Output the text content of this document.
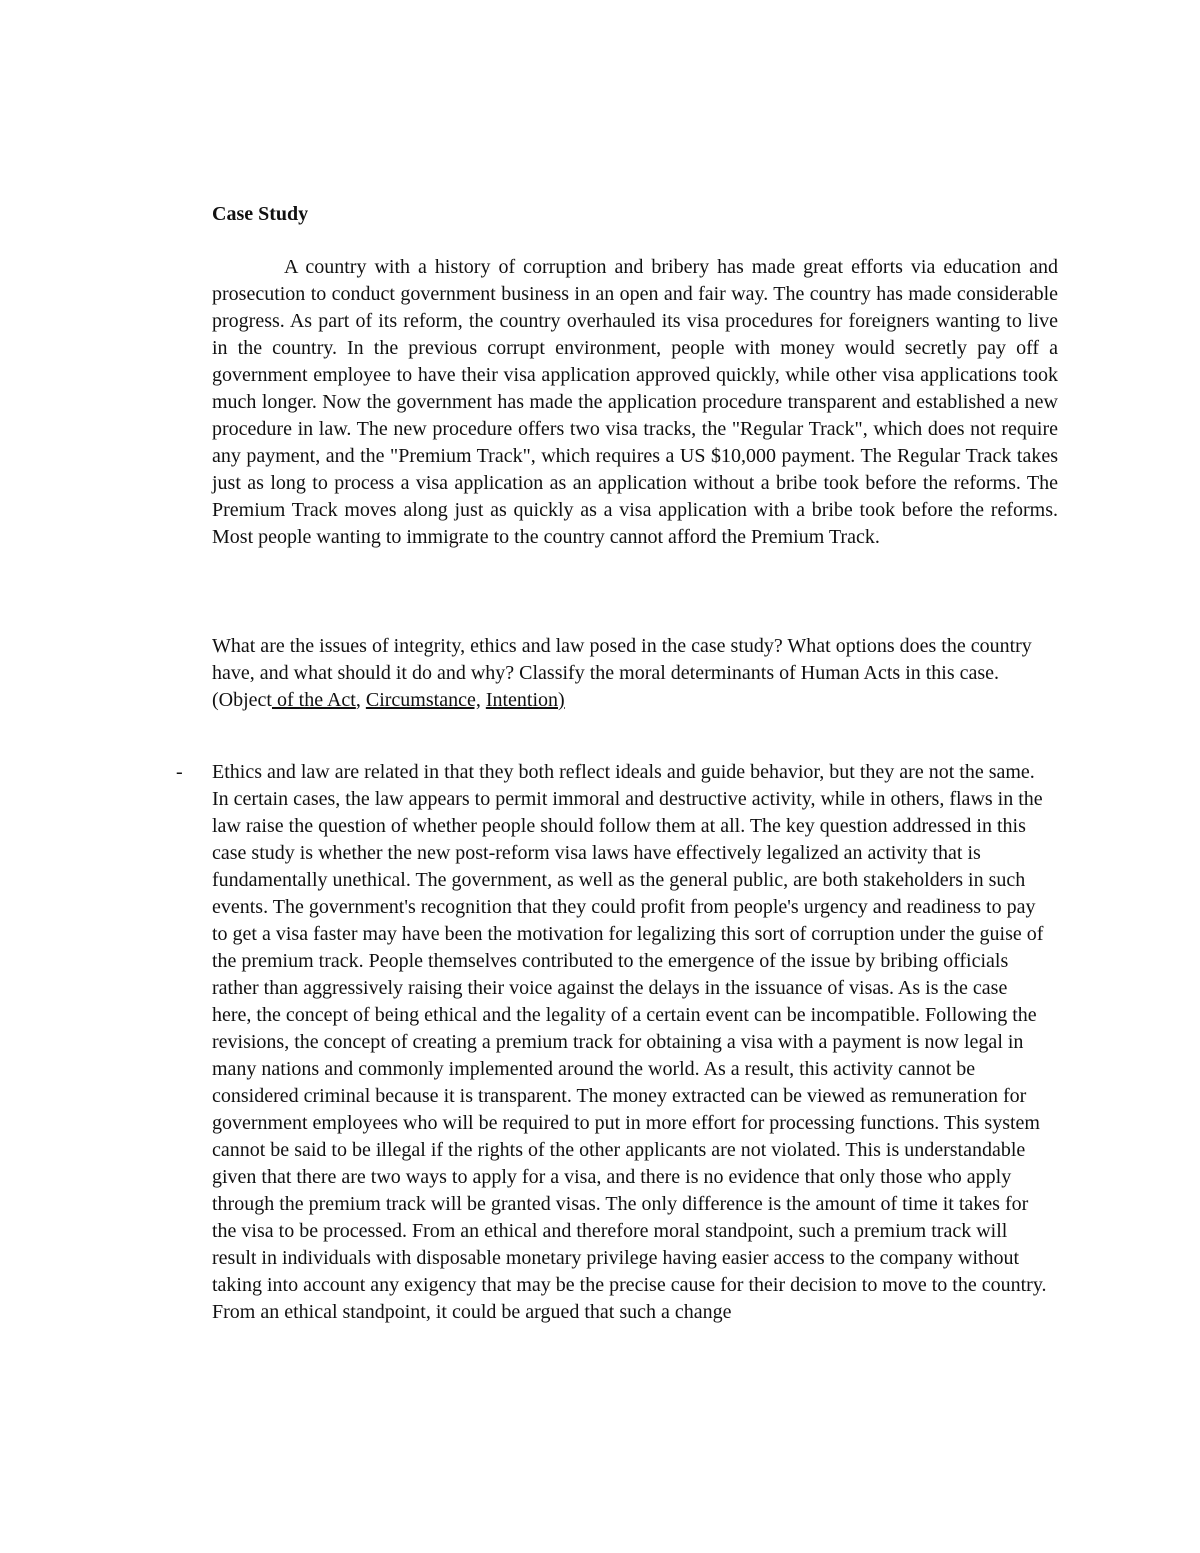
Case Study

A country with a history of corruption and bribery has made great efforts via education and prosecution to conduct government business in an open and fair way. The country has made considerable progress. As part of its reform, the country overhauled its visa procedures for foreigners wanting to live in the country. In the previous corrupt environment, people with money would secretly pay off a government employee to have their visa application approved quickly, while other visa applications took much longer. Now the government has made the application procedure transparent and established a new procedure in law. The new procedure offers two visa tracks, the "Regular Track", which does not require any payment, and the "Premium Track", which requires a US $10,000 payment. The Regular Track takes just as long to process a visa application as an application without a bribe took before the reforms. The Premium Track moves along just as quickly as a visa application with a bribe took before the reforms. Most people wanting to immigrate to the country cannot afford the Premium Track.

What are the issues of integrity, ethics and law posed in the case study? What options does the country have, and what should it do and why? Classify the moral determinants of Human Acts in this case. (Object of the Act, Circumstance, Intention)

- Ethics and law are related in that they both reflect ideals and guide behavior, but they are not the same. In certain cases, the law appears to permit immoral and destructive activity, while in others, flaws in the law raise the question of whether people should follow them at all. The key question addressed in this case study is whether the new post-reform visa laws have effectively legalized an activity that is fundamentally unethical. The government, as well as the general public, are both stakeholders in such events. The government's recognition that they could profit from people's urgency and readiness to pay to get a visa faster may have been the motivation for legalizing this sort of corruption under the guise of the premium track. People themselves contributed to the emergence of the issue by bribing officials rather than aggressively raising their voice against the delays in the issuance of visas. As is the case here, the concept of being ethical and the legality of a certain event can be incompatible. Following the revisions, the concept of creating a premium track for obtaining a visa with a payment is now legal in many nations and commonly implemented around the world. As a result, this activity cannot be considered criminal because it is transparent. The money extracted can be viewed as remuneration for government employees who will be required to put in more effort for processing functions. This system cannot be said to be illegal if the rights of the other applicants are not violated. This is understandable given that there are two ways to apply for a visa, and there is no evidence that only those who apply through the premium track will be granted visas. The only difference is the amount of time it takes for the visa to be processed. From an ethical and therefore moral standpoint, such a premium track will result in individuals with disposable monetary privilege having easier access to the company without taking into account any exigency that may be the precise cause for their decision to move to the country. From an ethical standpoint, it could be argued that such a change
